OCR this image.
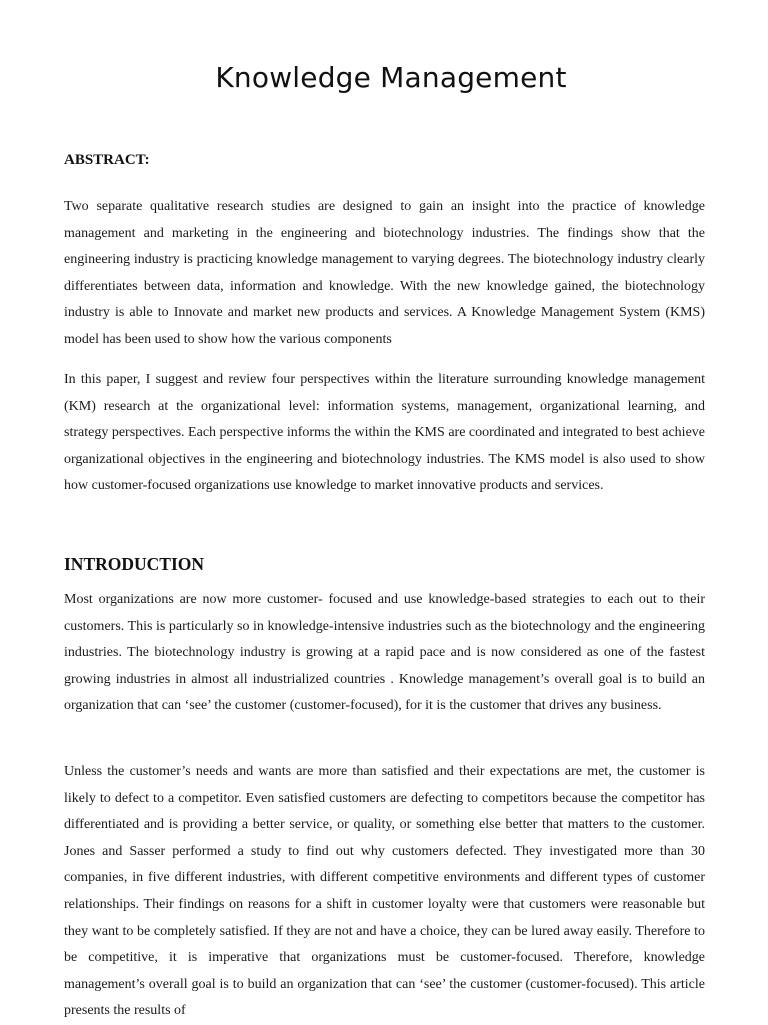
Knowledge Management
ABSTRACT:

Two separate qualitative research studies are designed to gain an insight into the practice of knowledge management and marketing in the engineering and biotechnology industries. The findings show that the engineering industry is practicing knowledge management to varying degrees. The biotechnology industry clearly differentiates between data, information and knowledge. With the new knowledge gained, the biotechnology industry is able to Innovate and market new products and services. A Knowledge Management System (KMS) model has been used to show how the various components

In this paper, I suggest and review four perspectives within the literature surrounding knowledge management (KM) research at the organizational level: information systems, management, organizational learning, and strategy perspectives. Each perspective informs the within the KMS are coordinated and integrated to best achieve organizational objectives in the engineering and biotechnology industries. The KMS model is also used to show how customer-focused organizations use knowledge to market innovative products and services.

INTRODUCTION

Most organizations are now more customer- focused and use knowledge-based strategies to each out to their customers. This is particularly so in knowledge-intensive industries such as the biotechnology and the engineering industries. The biotechnology industry is growing at a rapid pace and is now considered as one of the fastest growing industries in almost all industrialized countries . Knowledge management’s overall goal is to build an organization that can ‘see’ the customer (customer-focused), for it is the customer that drives any business.

Unless the customer’s needs and wants are more than satisfied and their expectations are met, the customer is likely to defect to a competitor. Even satisfied customers are defecting to competitors because the competitor has differentiated and is providing a better service, or quality, or something else better that matters to the customer. Jones and Sasser performed a study to find out why customers defected. They investigated more than 30 companies, in five different industries, with different competitive environments and different types of customer relationships. Their findings on reasons for a shift in customer loyalty were that customers were reasonable but they want to be completely satisfied. If they are not and have a choice, they can be lured away easily. Therefore to be competitive, it is imperative that organizations must be customer-focused. Therefore, knowledge management’s overall goal is to build an organization that can ‘see’ the customer (customer-focused). This article presents the results of
